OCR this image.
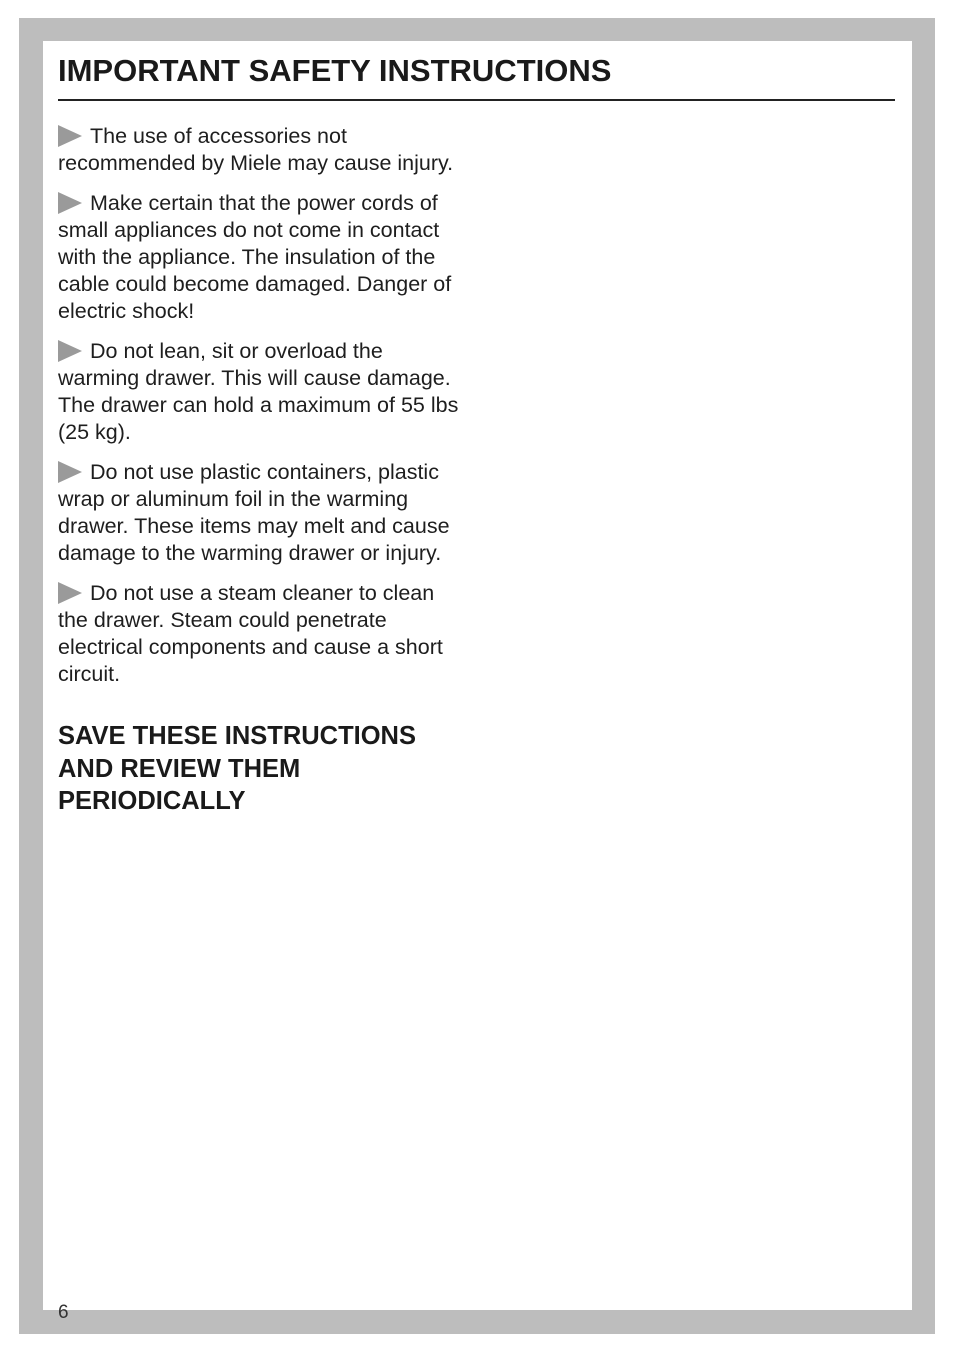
IMPORTANT SAFETY INSTRUCTIONS

The use of accessories not recommended by Miele may cause injury.

Make certain that the power cords of small appliances do not come in contact with the appliance. The insulation of the cable could become damaged. Danger of electric shock!

Do not lean, sit or overload the warming drawer. This will cause damage. The drawer can hold a maximum of 55 lbs (25 kg).

Do not use plastic containers, plastic wrap or aluminum foil in the warming drawer. These items may melt and cause damage to the warming drawer or injury.

Do not use a steam cleaner to clean the drawer. Steam could penetrate electrical components and cause a short circuit.

SAVE THESE INSTRUCTIONS
AND REVIEW THEM
PERIODICALLY
6
